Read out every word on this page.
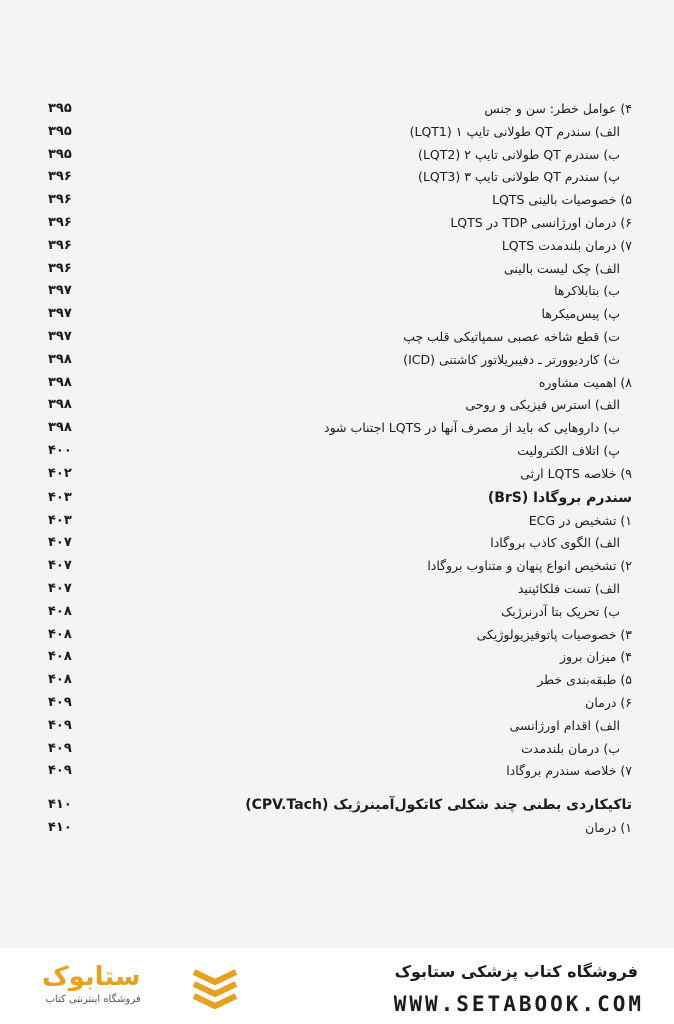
۳۹۵	۴) عوامل خطر: سن و جنس
۳۹۵	الف) سندرم QT طولانی تایپ ۱ (LQT1)
۳۹۵	ب) سندرم QT طولانی تایپ ۲ (LQT2)
۳۹۶	پ) سندرم QT طولانی تایپ ۳ (LQT3)
۳۹۶	۵) خصوصیات بالینی LQTS
۳۹۶	۶) درمان اورژانسی TDP در LQTS
۳۹۶	۷) درمان بلندمدت LQTS
۳۹۶	الف) چک لیست بالینی
۳۹۷	ب) بتابلاکرها
۳۹۷	پ) پیس‌میکرها
۳۹۷	ت) قطع شاخه عصبی سمپاتیکی قلب چپ
۳۹۸	ث) کاردیوورتر ـ دفیبریلاتور کاشتنی (ICD)
۳۹۸	۸) اهمیت مشاوره
۳۹۸	الف) استرس فیزیکی و روحی
۳۹۸	ب) داروهایی که باید از مصرف آنها در LQTS اجتناب شود
۴۰۰	پ) اتلاف الکترولیت
۴۰۲	۹) خلاصه LQTS ارثی
۴۰۳	سندرم بروگادا (BrS)
۴۰۳	۱) تشخیص در ECG
۴۰۷	الف) الگوی کاذب بروگادا
۴۰۷	۲) تشخیص انواع پنهان و متناوب بروگادا
۴۰۷	الف) تست فلکائینید
۴۰۸	ب) تحریک بتا آدرنرژیک
۴۰۸	۳) خصوصیات پاتوفیزیولوژیکی
۴۰۸	۴) میزان بروز
۴۰۸	۵) طبقه‌بندی خطر
۴۰۹	۶) درمان
۴۰۹	الف) اقدام اورژانسی
۴۰۹	ب) درمان بلندمدت
۴۰۹	۷) خلاصه سندرم بروگادا
۴۱۰	تاکیکاردی بطنی چند شکلی کاتکول‌آمینرژیک (CPV.Tach)
۴۱۰	۱) درمان
ستابوک
فروشگاه اینترنتی کتاب
فروشگاه کتاب پزشکی ستابوک
WWW.SETABOOK.COM
